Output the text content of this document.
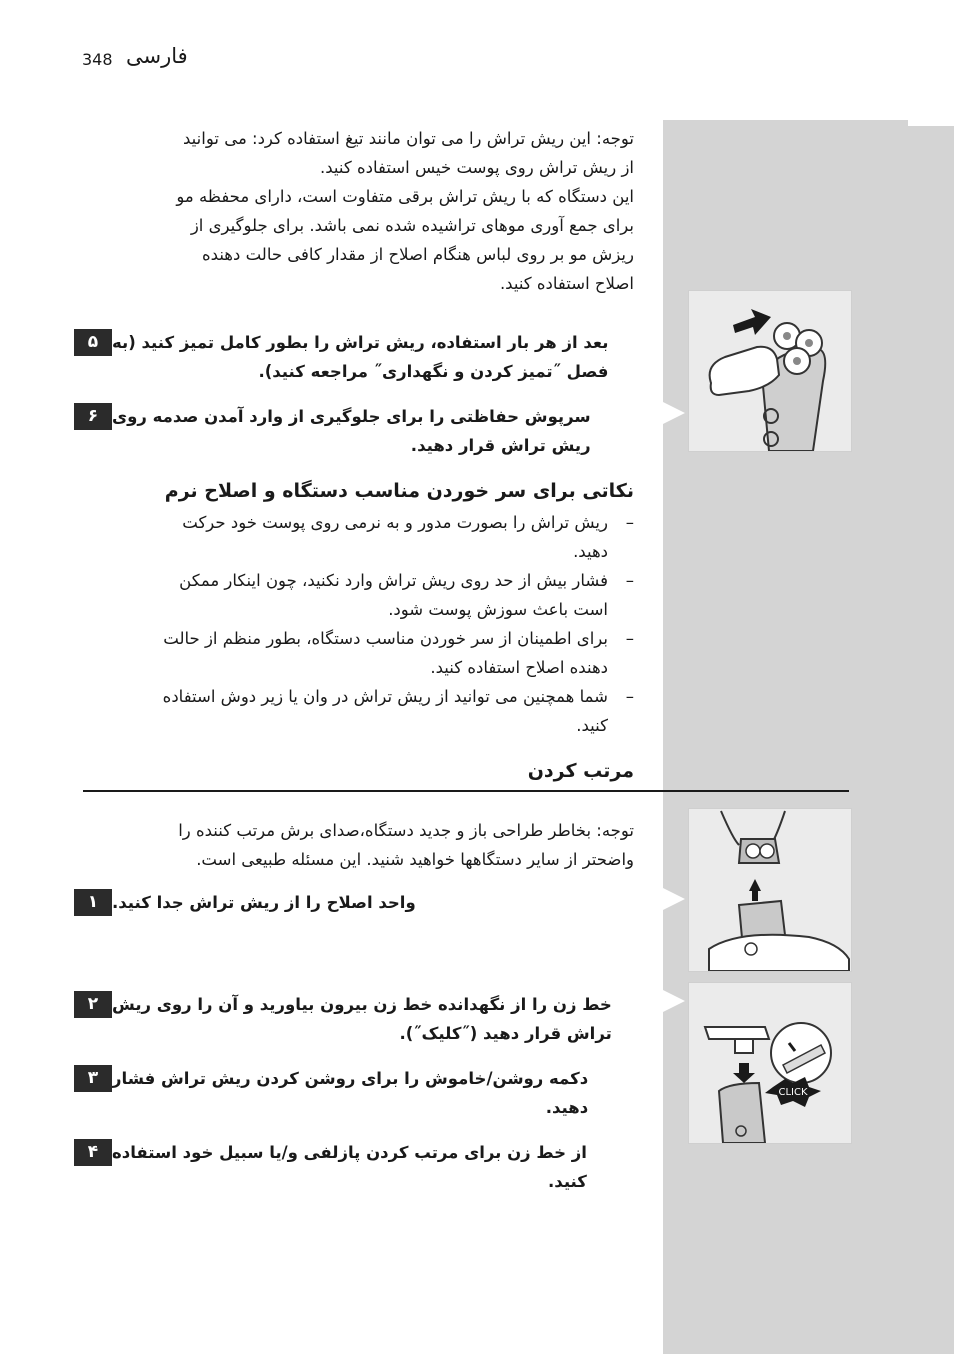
348 فارسی
توجه: این ریش تراش را می توان مانند تیغ استفاده کرد: می توانید
از ریش تراش روی پوست خیس استفاده کنید.
این دستگاه که با ریش تراش برقی متفاوت است، دارای محفظه مو
برای جمع آوری موهای تراشیده شده نمی باشد. برای جلوگیری از
ریزش مو بر روی لباس هنگام اصلاح از مقدار کافی حالت دهنده
اصلاح استفاده کنید.
۵ بعد از هر بار استفاده، ریش تراش را بطور کامل تمیز کنید (به
فصل ˝تمیز کردن و نگهداری˝ مراجعه کنید).
۶ سرپوش حفاظتی را برای جلوگیری از وارد آمدن صدمه روی
ریش تراش قرار دهید.
نکاتی برای سر خوردن مناسب دستگاه و اصلاح نرم
–
ریش تراش را بصورت مدور و به نرمی روی پوست خود حرکت
دهید.
–
فشار بیش از حد روی ریش تراش وارد نکنید، چون اینکار ممکن
است باعث سوزش پوست شود.
–
برای اطمینان از سر خوردن مناسب دستگاه، بطور منظم از حالت
دهنده اصلاح استفاده کنید.
–
شما همچنین می توانید از ریش تراش در وان یا زیر دوش استفاده
کنید.
مرتب کردن
توجه: بخاطر طراحی باز و جدید دستگاه،صدای برش مرتب کننده را
واضحتر از سایر دستگاهها خواهید شنید. این مسئله طبیعی است.
۱ واحد اصلاح را از ریش تراش جدا کنید.
۲ خط زن را از نگهدانده خط زن بیرون بیاورید و آن را روی ریش
تراش قرار دهید (˝کلیک˝).
۳ دکمه روشن/خاموش را برای روشن کردن ریش تراش فشار
دهید.
۴ از خط زن برای مرتب کردن پازلفی و/یا سبیل خود استفاده
کنید.
CLICK
